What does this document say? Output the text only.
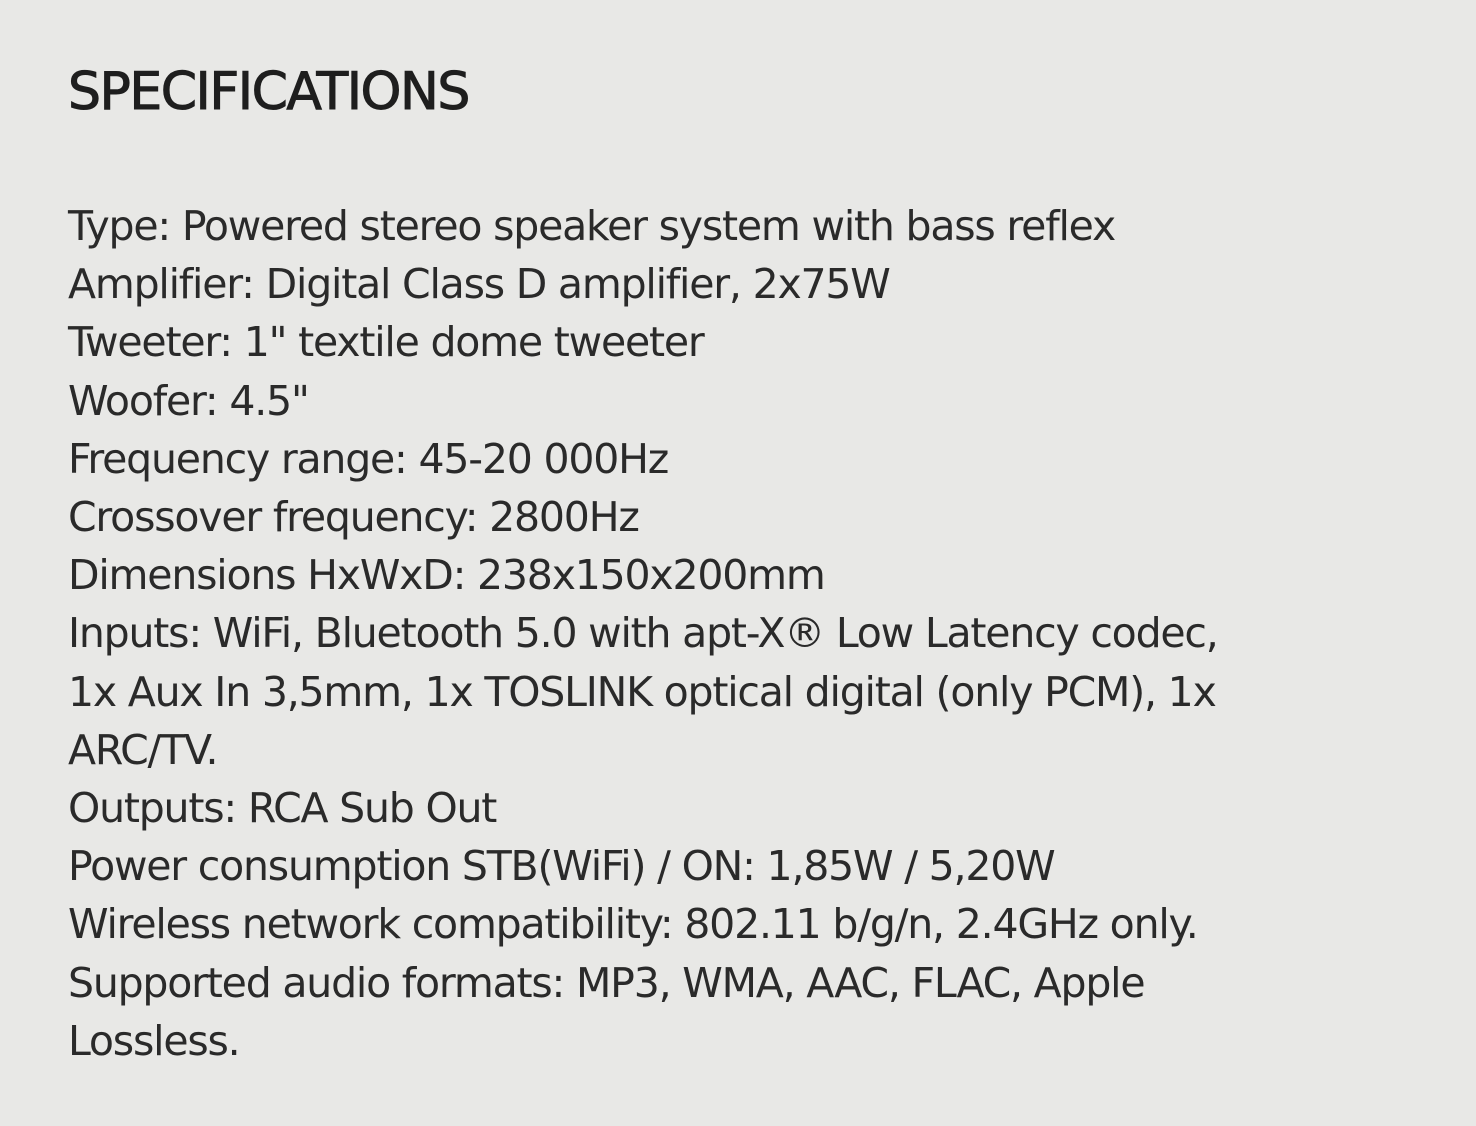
SPECIFICATIONS
Type: Powered stereo speaker system with bass reflex
Amplifier: Digital Class D amplifier, 2x75W
Tweeter: 1" textile dome tweeter
Woofer: 4.5"
Frequency range: 45-20 000Hz
Crossover frequency: 2800Hz
Dimensions HxWxD: 238x150x200mm
Inputs: WiFi, Bluetooth 5.0 with apt-X® Low Latency codec,
1x Aux In 3,5mm, 1x TOSLINK optical digital (only PCM), 1x
ARC/TV.
Outputs: RCA Sub Out
Power consumption STB(WiFi) / ON: 1,85W / 5,20W
Wireless network compatibility: 802.11 b/g/n, 2.4GHz only.
Supported audio formats: MP3, WMA, AAC, FLAC, Apple
Lossless.
